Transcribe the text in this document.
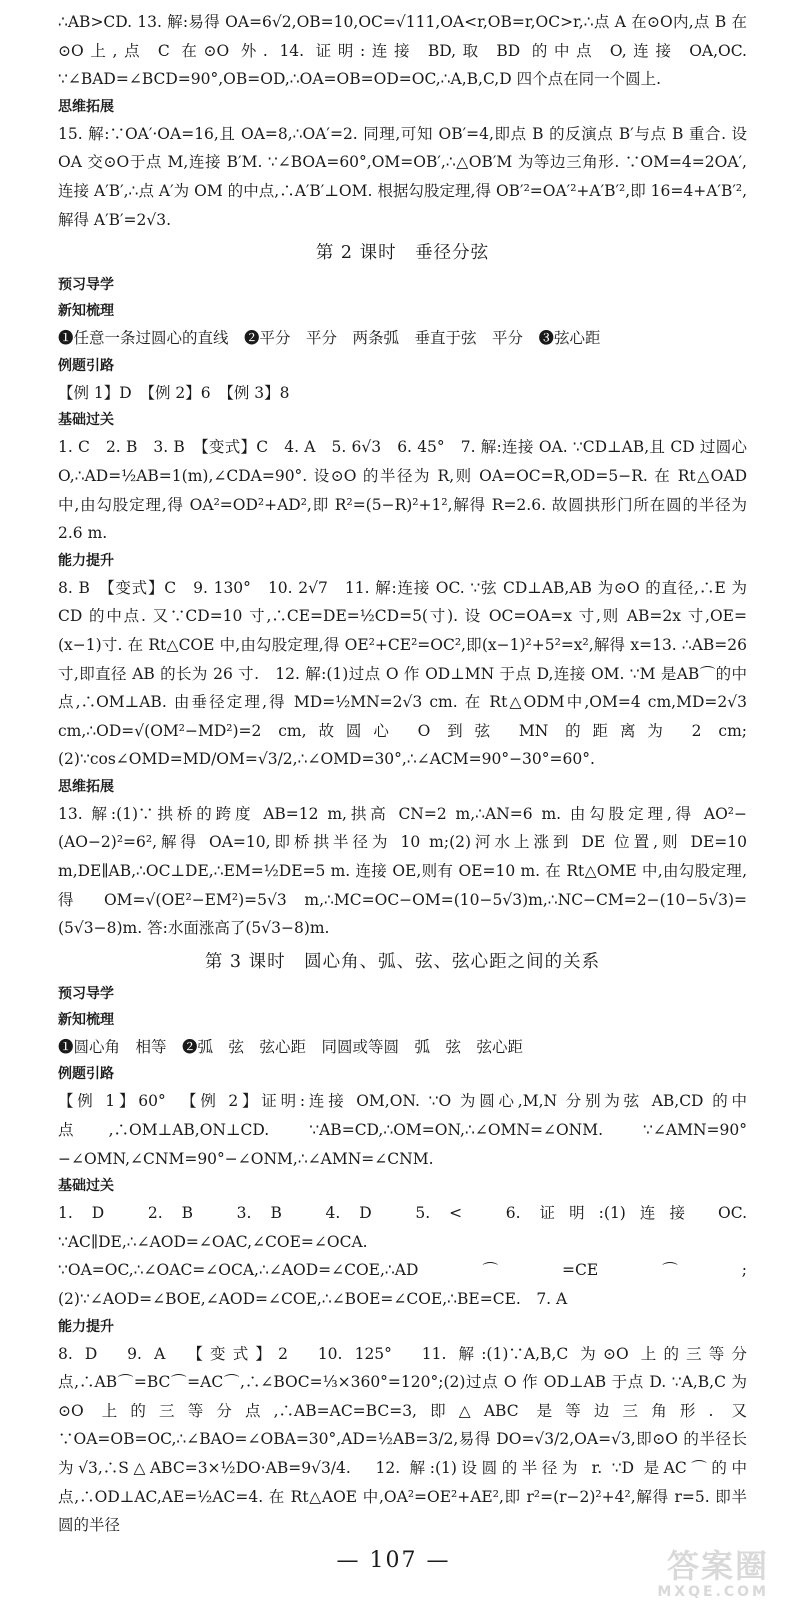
∴AB>CD. 13. 解:易得 OA=6√2,OB=10,OC=√111,OA<r,OB=r,OC>r,∴点 A 在⊙O内,点 B 在⊙O上,点 C 在⊙O 外. 14. 证明:连接 BD,取 BD 的中点 O,连接 OA,OC. ∵∠BAD=∠BCD=90°,OB=OD,∴OA=OB=OD=OC,∴A,B,C,D 四个点在同一个圆上.
思维拓展
15. 解:∵OA′·OA=16,且 OA=8,∴OA′=2. 同理,可知 OB′=4,即点 B 的反演点 B′与点 B 重合. 设 OA 交⊙O于点 M,连接 B′M. ∵∠BOA=60°,OM=OB′,∴△OB′M 为等边三角形. ∵OM=4=2OA′,连接 A′B′,∴点 A′为 OM 的中点,∴A′B′⊥OM. 根据勾股定理,得 OB′²=OA′²+A′B′²,即 16=4+A′B′²,解得 A′B′=2√3.
第 2 课时　垂径分弦
预习导学
新知梳理
❶任意一条过圆心的直线　❷平分　平分　两条弧　垂直于弦　平分　❸弦心距
例题引路
【例 1】D　【例 2】6　【例 3】8
基础过关
1. C　2. B　3. B　【变式】C　4. A　5. 6√3　6. 45°　7. 解:连接 OA. ∵CD⊥AB,且 CD 过圆心 O,∴AD=½AB=1(m),∠CDA=90°. 设⊙O 的半径为 R,则 OA=OC=R,OD=5−R. 在 Rt△OAD 中,由勾股定理,得 OA²=OD²+AD²,即 R²=(5−R)²+1²,解得 R=2.6. 故圆拱形门所在圆的半径为 2.6 m.
能力提升
8. B　【变式】C　9. 130°　10. 2√7　11. 解:连接 OC. ∵弦 CD⊥AB,AB 为⊙O 的直径,∴E 为 CD 的中点. 又∵CD=10 寸,∴CE=DE=½CD=5(寸). 设 OC=OA=x 寸,则 AB=2x 寸,OE=(x−1)寸. 在 Rt△COE 中,由勾股定理,得 OE²+CE²=OC²,即(x−1)²+5²=x²,解得 x=13. ∴AB=26 寸,即直径 AB 的长为 26 寸.　12. 解:(1)过点 O 作 OD⊥MN 于点 D,连接 OM. ∵M 是AB⌒的中点,∴OM⊥AB. 由垂径定理,得 MD=½MN=2√3 cm. 在 Rt△ODM中,OM=4 cm,MD=2√3 cm,∴OD=√(OM²−MD²)=2 cm,故圆心 O 到弦 MN 的距离为 2 cm;(2)∵cos∠OMD=MD/OM=√3/2,∴∠OMD=30°,∴∠ACM=90°−30°=60°.
思维拓展
13. 解:(1)∵拱桥的跨度 AB=12 m,拱高 CN=2 m,∴AN=6 m. 由勾股定理,得 AO²−(AO−2)²=6²,解得 OA=10,即桥拱半径为 10 m;(2)河水上涨到 DE 位置,则 DE=10 m,DE∥AB,∴OC⊥DE,∴EM=½DE=5 m. 连接 OE,则有 OE=10 m. 在 Rt△OME 中,由勾股定理,得 OM=√(OE²−EM²)=5√3 m,∴MC=OC−OM=(10−5√3)m,∴NC−CM=2−(10−5√3)=(5√3−8)m. 答:水面涨高了(5√3−8)m.
第 3 课时　圆心角、弧、弦、弦心距之间的关系
预习导学
新知梳理
❶圆心角　相等　❷弧　弦　弦心距　同圆或等圆　弧　弦　弦心距
例题引路
【例 1】60°　【例 2】证明:连接 OM,ON. ∵O 为圆心,M,N 分别为弦 AB,CD 的中点,∴OM⊥AB,ON⊥CD. ∵AB=CD,∴OM=ON,∴∠OMN=∠ONM. ∵∠AMN=90°−∠OMN,∠CNM=90°−∠ONM,∴∠AMN=∠CNM.
基础过关
1. D　2. B　3. B　4. D　5. <　6. 证明:(1)连接 OC. ∵AC∥DE,∴∠AOD=∠OAC,∠COE=∠OCA. ∵OA=OC,∴∠OAC=∠OCA,∴∠AOD=∠COE,∴AD⌒=CE⌒;(2)∵∠AOD=∠BOE,∠AOD=∠COE,∴∠BOE=∠COE,∴BE=CE.　7. A
能力提升
8. D　9. A　【变式】2　10. 125°　11. 解:(1)∵A,B,C 为⊙O 上的三等分点,∴AB⌒=BC⌒=AC⌒,∴∠BOC=⅓×360°=120°;(2)过点 O 作 OD⊥AB 于点 D. ∵A,B,C 为⊙O 上的三等分点,∴AB=AC=BC=3,即△ABC 是等边三角形. 又∵OA=OB=OC,∴∠BAO=∠OBA=30°,AD=½AB=3/2,易得 DO=√3/2,OA=√3,即⊙O 的半径长为√3,∴S△ABC=3×½DO·AB=9√3/4.　12. 解:(1)设圆的半径为 r. ∵D 是AC⌒的中点,∴OD⊥AC,AE=½AC=4. 在 Rt△AOE 中,OA²=OE²+AE²,即 r²=(r−2)²+4²,解得 r=5. 即半圆的半径
— 107 —	答案圈
MXQE.COM
